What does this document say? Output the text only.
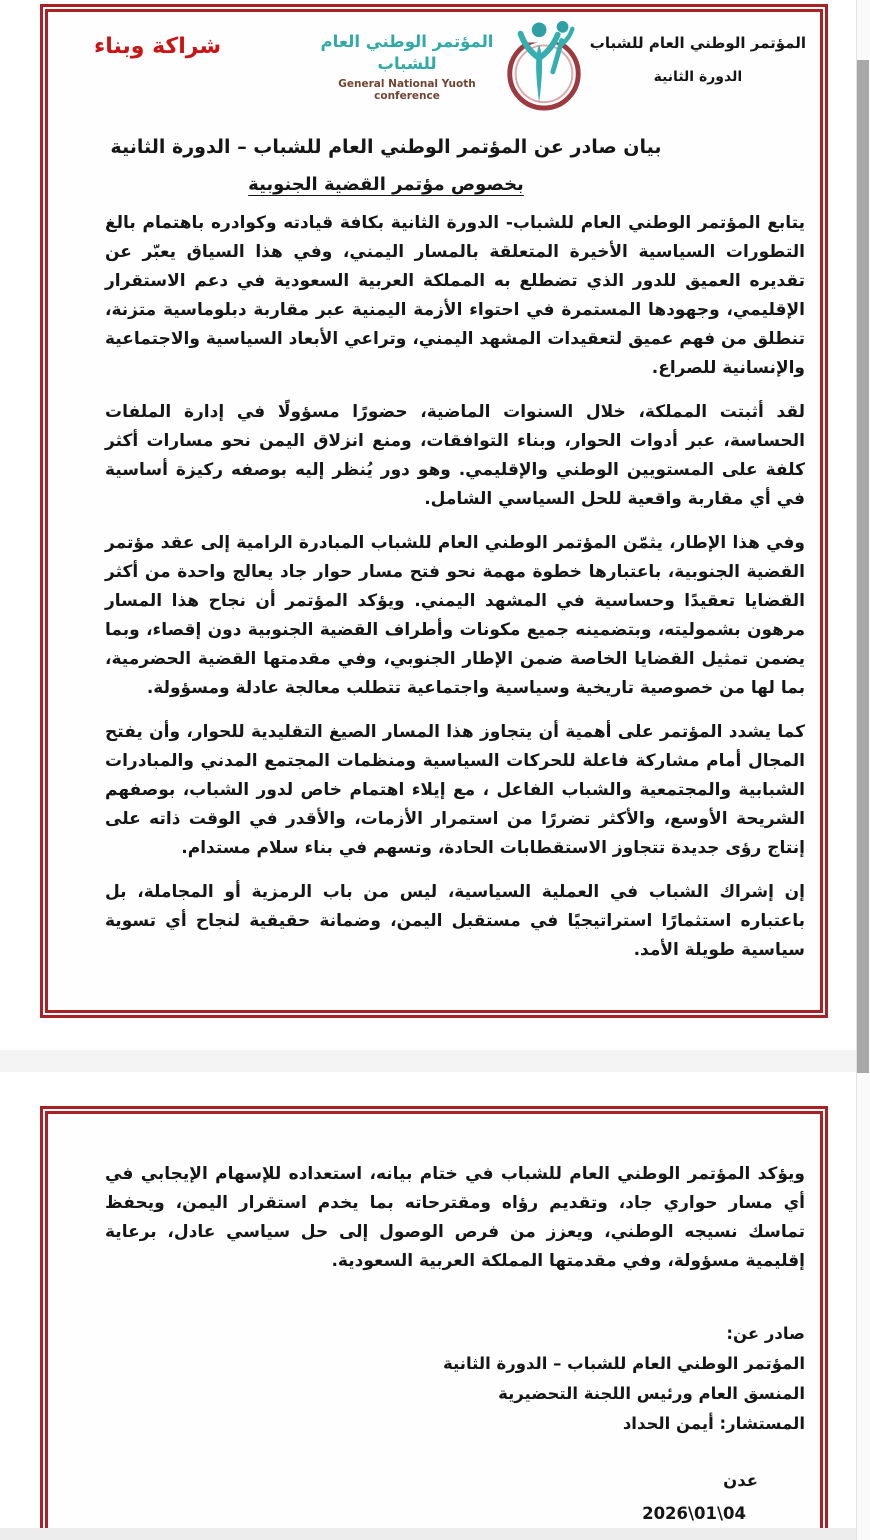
شراكة وبناء	المؤتمر الوطني العام للشباب
General National Yuoth conference
المؤتمر الوطني العام للشباب
الدورة الثانية
بيان صادر عن المؤتمر الوطني العام للشباب – الدورة الثانية
بخصوص مؤتمر القضية الجنوبية

يتابع المؤتمر الوطني العام للشباب- الدورة الثانية بكافة قيادته وكوادره باهتمام بالغ التطورات السياسية الأخيرة المتعلقة بالمسار اليمني، وفي هذا السياق يعبّر عن تقديره العميق للدور الذي تضطلع به المملكة العربية السعودية في دعم الاستقرار الإقليمي، وجهودها المستمرة في احتواء الأزمة اليمنية عبر مقاربة دبلوماسية متزنة، تنطلق من فهم عميق لتعقيدات المشهد اليمني، وتراعي الأبعاد السياسية والاجتماعية والإنسانية للصراع.

لقد أثبتت المملكة، خلال السنوات الماضية، حضورًا مسؤولًا في إدارة الملفات الحساسة، عبر أدوات الحوار، وبناء التوافقات، ومنع انزلاق اليمن نحو مسارات أكثر كلفة على المستويين الوطني والإقليمي. وهو دور يُنظر إليه بوصفه ركيزة أساسية في أي مقاربة واقعية للحل السياسي الشامل.

وفي هذا الإطار، يثمّن المؤتمر الوطني العام للشباب المبادرة الرامية إلى عقد مؤتمر القضية الجنوبية، باعتبارها خطوة مهمة نحو فتح مسار حوار جاد يعالج واحدة من أكثر القضايا تعقيدًا وحساسية في المشهد اليمني. ويؤكد المؤتمر أن نجاح هذا المسار مرهون بشموليته، وبتضمينه جميع مكونات وأطراف القضية الجنوبية دون إقصاء، وبما يضمن تمثيل القضايا الخاصة ضمن الإطار الجنوبي، وفي مقدمتها القضية الحضرمية، بما لها من خصوصية تاريخية وسياسية واجتماعية تتطلب معالجة عادلة ومسؤولة.

كما يشدد المؤتمر على أهمية أن يتجاوز هذا المسار الصيغ التقليدية للحوار، وأن يفتح المجال أمام مشاركة فاعلة للحركات السياسية ومنظمات المجتمع المدني والمبادرات الشبابية والمجتمعية والشباب الفاعل ، مع إيلاء اهتمام خاص لدور الشباب، بوصفهم الشريحة الأوسع، والأكثر تضررًا من استمرار الأزمات، والأقدر في الوقت ذاته على إنتاج رؤى جديدة تتجاوز الاستقطابات الحادة، وتسهم في بناء سلام مستدام.

إن إشراك الشباب في العملية السياسية، ليس من باب الرمزية أو المجاملة، بل باعتباره استثمارًا استراتيجيًا في مستقبل اليمن، وضمانة حقيقية لنجاح أي تسوية سياسية طويلة الأمد.

ويؤكد المؤتمر الوطني العام للشباب في ختام بيانه، استعداده للإسهام الإيجابي في أي مسار حواري جاد، وتقديم رؤاه ومقترحاته بما يخدم استقرار اليمن، ويحفظ تماسك نسيجه الوطني، ويعزز من فرص الوصول إلى حل سياسي عادل، برعاية إقليمية مسؤولة، وفي مقدمتها المملكة العربية السعودية.

صادر عن:

المؤتمر الوطني العام للشباب – الدورة الثانية

المنسق العام ورئيس اللجنة التحضيرية

المستشار: أيمن الحداد

عدن
2026\01\04
